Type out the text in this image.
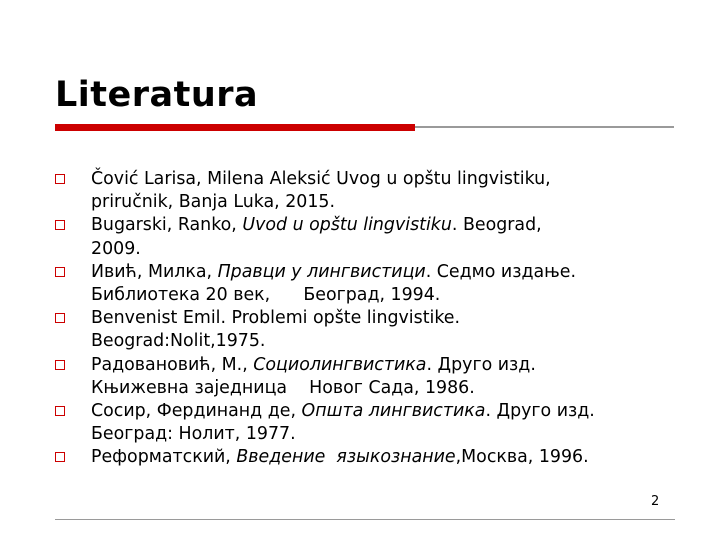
Literatura
Čović Larisa, Milena Aleksić Uvog u opštu lingvistiku,
priručnik, Banja Luka, 2015.
Bugarski, Ranko, Uvod u opštu lingvistiku. Beograd,
2009.
Ивић, Милка, Правци у лингвистици. Седмо издање.
Библиотека 20 век,      Београд, 1994.
Benvenist Emil. Problemi opšte lingvistike.
Beograd:Nolit,1975.
Радовановић, М., Социолингвистика. Друго изд.
Књижевна заједница    Новог Сада, 1986.
Сосир, Фердинанд де, Општа лингвистика. Друго изд.
Београд: Нолит, 1977.
Реформатский, Введение  языкознание,Москва, 1996.
2
